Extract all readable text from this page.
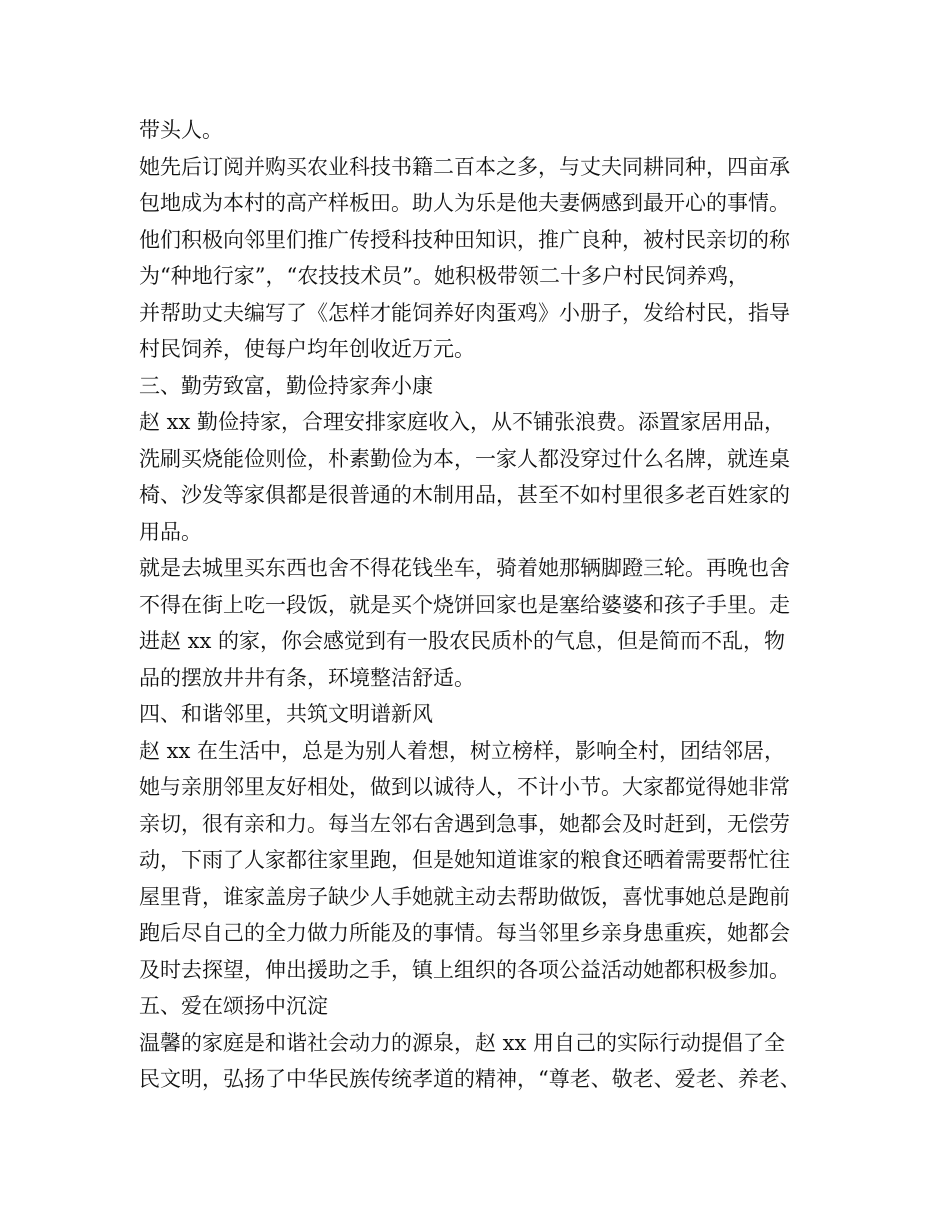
带头人。
她先后订阅并购买农业科技书籍二百本之多，与丈夫同耕同种，四亩承
包地成为本村的高产样板田。助人为乐是他夫妻俩感到最开心的事情。
他们积极向邻里们推广传授科技种田知识，推广良种，被村民亲切的称
为“种地行家”，“农技技术员”。她积极带领二十多户村民饲养鸡，
并帮助丈夫编写了《怎样才能饲养好肉蛋鸡》小册子，发给村民，指导
村民饲养，使每户均年创收近万元。
三、勤劳致富，勤俭持家奔小康
赵 xx 勤俭持家，合理安排家庭收入，从不铺张浪费。添置家居用品，
洗刷买烧能俭则俭，朴素勤俭为本，一家人都没穿过什么名牌，就连桌
椅、沙发等家俱都是很普通的木制用品，甚至不如村里很多老百姓家的
用品。
就是去城里买东西也舍不得花钱坐车，骑着她那辆脚蹬三轮。再晚也舍
不得在街上吃一段饭，就是买个烧饼回家也是塞给婆婆和孩子手里。走
进赵 xx 的家，你会感觉到有一股农民质朴的气息，但是简而不乱，物
品的摆放井井有条，环境整洁舒适。
四、和谐邻里，共筑文明谱新风
赵 xx 在生活中，总是为别人着想，树立榜样，影响全村，团结邻居，
她与亲朋邻里友好相处，做到以诚待人，不计小节。大家都觉得她非常
亲切，很有亲和力。每当左邻右舍遇到急事，她都会及时赶到，无偿劳
动，下雨了人家都往家里跑，但是她知道谁家的粮食还晒着需要帮忙往
屋里背，谁家盖房子缺少人手她就主动去帮助做饭，喜忧事她总是跑前
跑后尽自己的全力做力所能及的事情。每当邻里乡亲身患重疾，她都会
及时去探望，伸出援助之手，镇上组织的各项公益活动她都积极参加。
五、爱在颂扬中沉淀
温馨的家庭是和谐社会动力的源泉，赵 xx 用自己的实际行动提倡了全
民文明，弘扬了中华民族传统孝道的精神，“尊老、敬老、爱老、养老、
